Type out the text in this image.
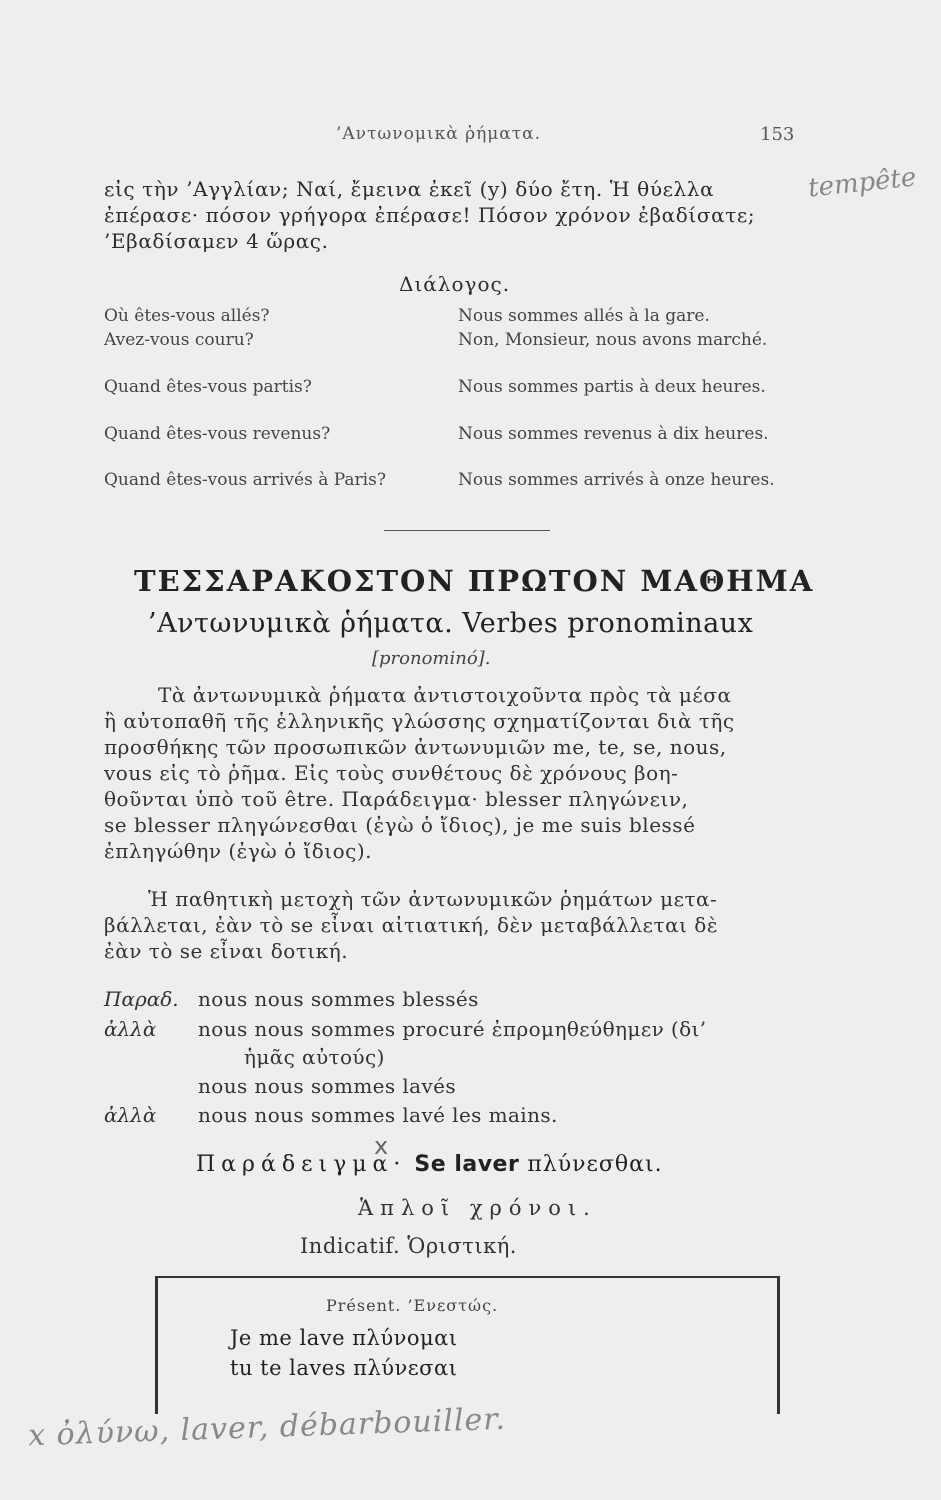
’Αντωνομικὰ ῥήματα.	153
εἰς τὴν ’Αγγλίαν; Ναί, ἔμεινα ἐκεῖ (y) δύο ἔτη. Ἡ θύελλα
ἐπέρασε· πόσον γρήγορα ἐπέρασε! Πόσον χρόνον ἐβαδίσατε;
’Εβαδίσαμεν 4 ὥρας.
tempête
Διάλογος.
Où êtes-vous allés?	Nous sommes allés à la gare.
Avez-vous couru?	Non, Monsieur, nous avons marché.
Quand êtes-vous partis?	Nous sommes partis à deux heures.
Quand êtes-vous revenus?	Nous sommes revenus à dix heures.
Quand êtes-vous arrivés à Paris?	Nous sommes arrivés à onze heures.
ΤΕΣΣΑΡΑΚΟΣΤΟΝ ΠΡΩΤΟΝ ΜΑΘΗΜΑ
’Αντωνυμικὰ ῥήματα. Verbes pronominaux
[pronominó].
Τὰ ἀντωνυμικὰ ῥήματα ἀντιστοιχοῦντα πρὸς τὰ μέσα
ἢ αὐτοπαθῆ τῆς ἑλληνικῆς γλώσσης σχηματίζονται διὰ τῆς
προσθήκης τῶν προσωπικῶν ἀντωνυμιῶν me, te, se, nous,
vous εἰς τὸ ῥῆμα. Εἰς τοὺς συνθέτους δὲ χρόνους βοη-
θοῦνται ὑπὸ τοῦ être. Παράδειγμα· blesser πληγώνειν,
se blesser πληγώνεσθαι (ἐγὼ ὁ ἴδιος), je me suis blessé
ἐπληγώθην (ἐγὼ ὁ ἴδιος).
Ἡ παθητικὴ μετοχὴ τῶν ἀντωνυμικῶν ῥημάτων μετα-
βάλλεται, ἐὰν τὸ se εἶναι αἰτιατική, δὲν μεταβάλλεται δὲ
ἐὰν τὸ se εἶναι δοτική.
Παραδ. nous nous sommes blessés
ἀλλὰ nous nous sommes procuré ἐπρομηθεύθημεν (δι’
ἡμᾶς αὐτούς)
nous nous sommes lavés
ἀλλὰ nous nous sommes lavé les mains.
x
Παράδειγμα· Se laver πλύνεσθαι.
Ἁπλοῖ χρόνοι.
Indicatif. Ὁριστική.
Présent. ’Ενεστώς.
Je me lave πλύνομαι
tu te laves πλύνεσαι
x ὀλύνω, laver, débarbouiller.
